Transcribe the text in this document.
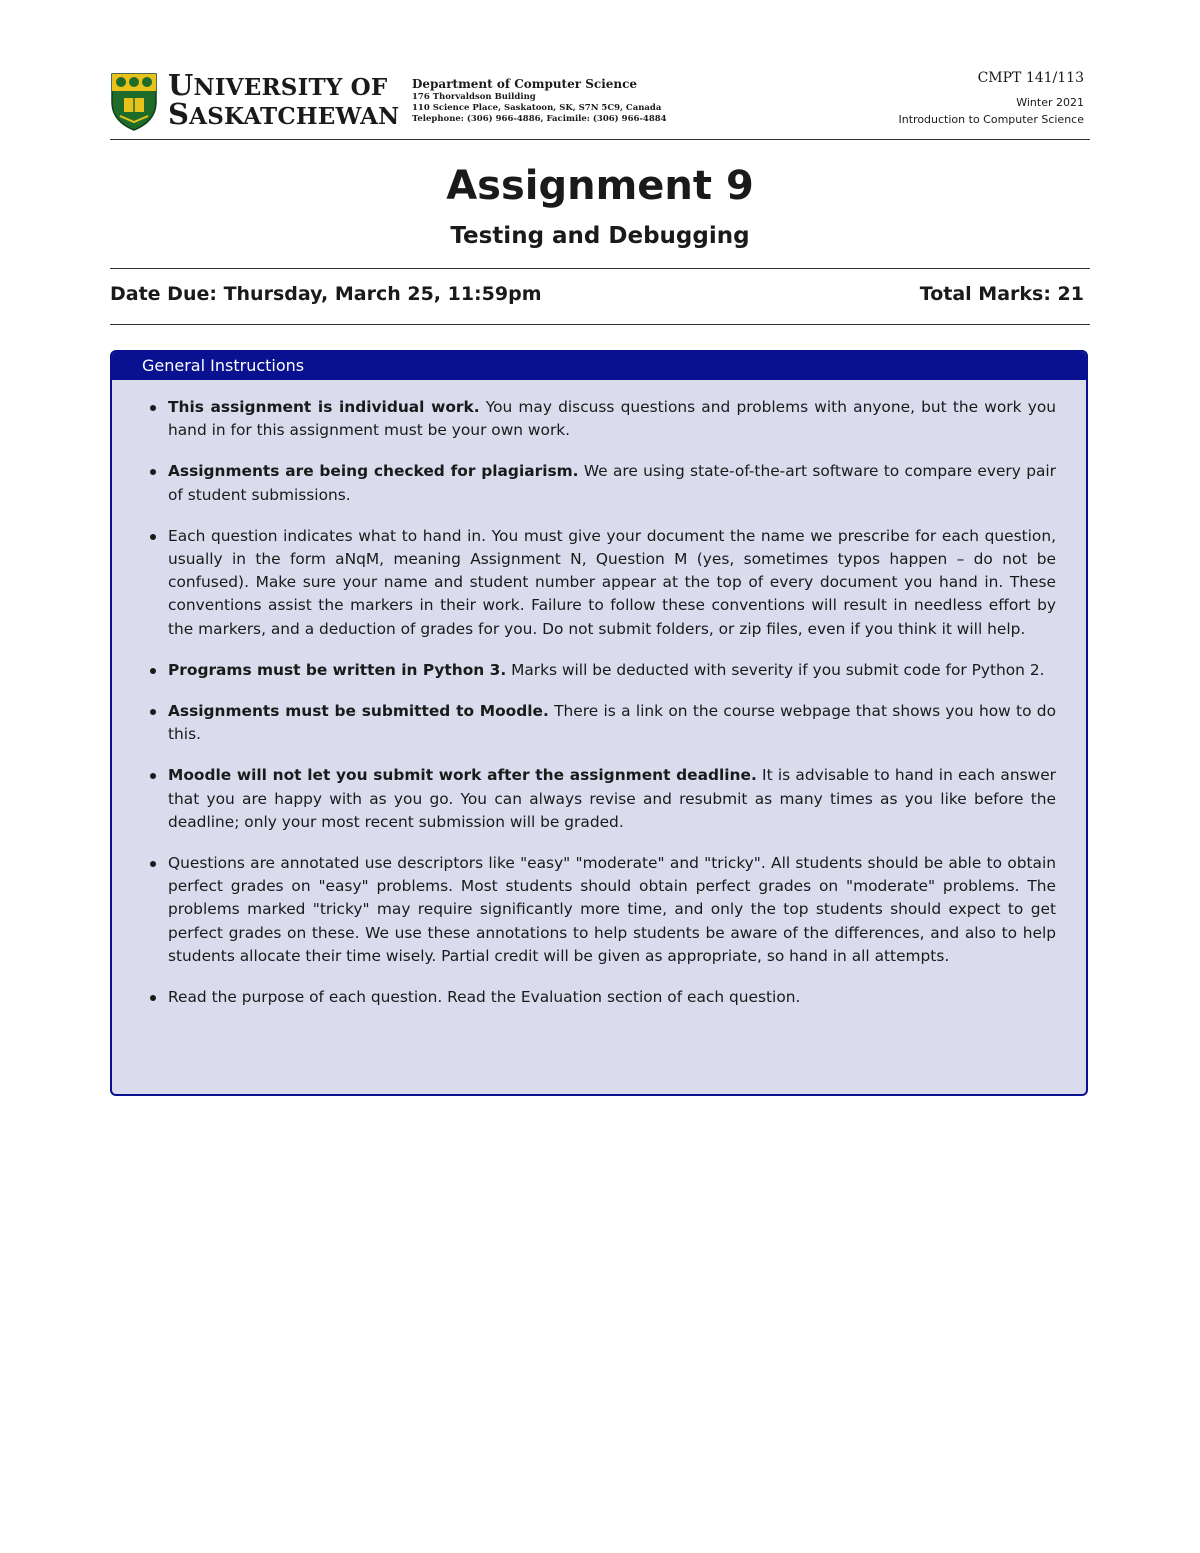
UNIVERSITY OF
SASKATCHEWAN
Department of Computer Science
176 Thorvaldson Building
110 Science Place, Saskatoon, SK, S7N 5C9, Canada
Telephone: (306) 966-4886, Facimile: (306) 966-4884
CMPT 141/113
Winter 2021
Introduction to Computer Science
Assignment 9
Testing and Debugging
Date Due: Thursday, March 25, 11:59pm	Total Marks: 21
General Instructions
This assignment is individual work. You may discuss questions and problems with anyone, but the work you hand in for this assignment must be your own work.
Assignments are being checked for plagiarism. We are using state-of-the-art software to compare every pair of student submissions.
Each question indicates what to hand in. You must give your document the name we prescribe for each question, usually in the form aNqM, meaning Assignment N, Question M (yes, sometimes typos happen – do not be confused). Make sure your name and student number appear at the top of every document you hand in. These conventions assist the markers in their work. Failure to follow these conventions will result in needless effort by the markers, and a deduction of grades for you. Do not submit folders, or zip files, even if you think it will help.
Programs must be written in Python 3. Marks will be deducted with severity if you submit code for Python 2.
Assignments must be submitted to Moodle. There is a link on the course webpage that shows you how to do this.
Moodle will not let you submit work after the assignment deadline. It is advisable to hand in each answer that you are happy with as you go. You can always revise and resubmit as many times as you like before the deadline; only your most recent submission will be graded.
Questions are annotated use descriptors like "easy" "moderate" and "tricky". All students should be able to obtain perfect grades on "easy" problems. Most students should obtain perfect grades on "moderate" problems. The problems marked "tricky" may require significantly more time, and only the top students should expect to get perfect grades on these. We use these annotations to help students be aware of the differences, and also to help students allocate their time wisely. Partial credit will be given as appropriate, so hand in all attempts.
Read the purpose of each question. Read the Evaluation section of each question.
